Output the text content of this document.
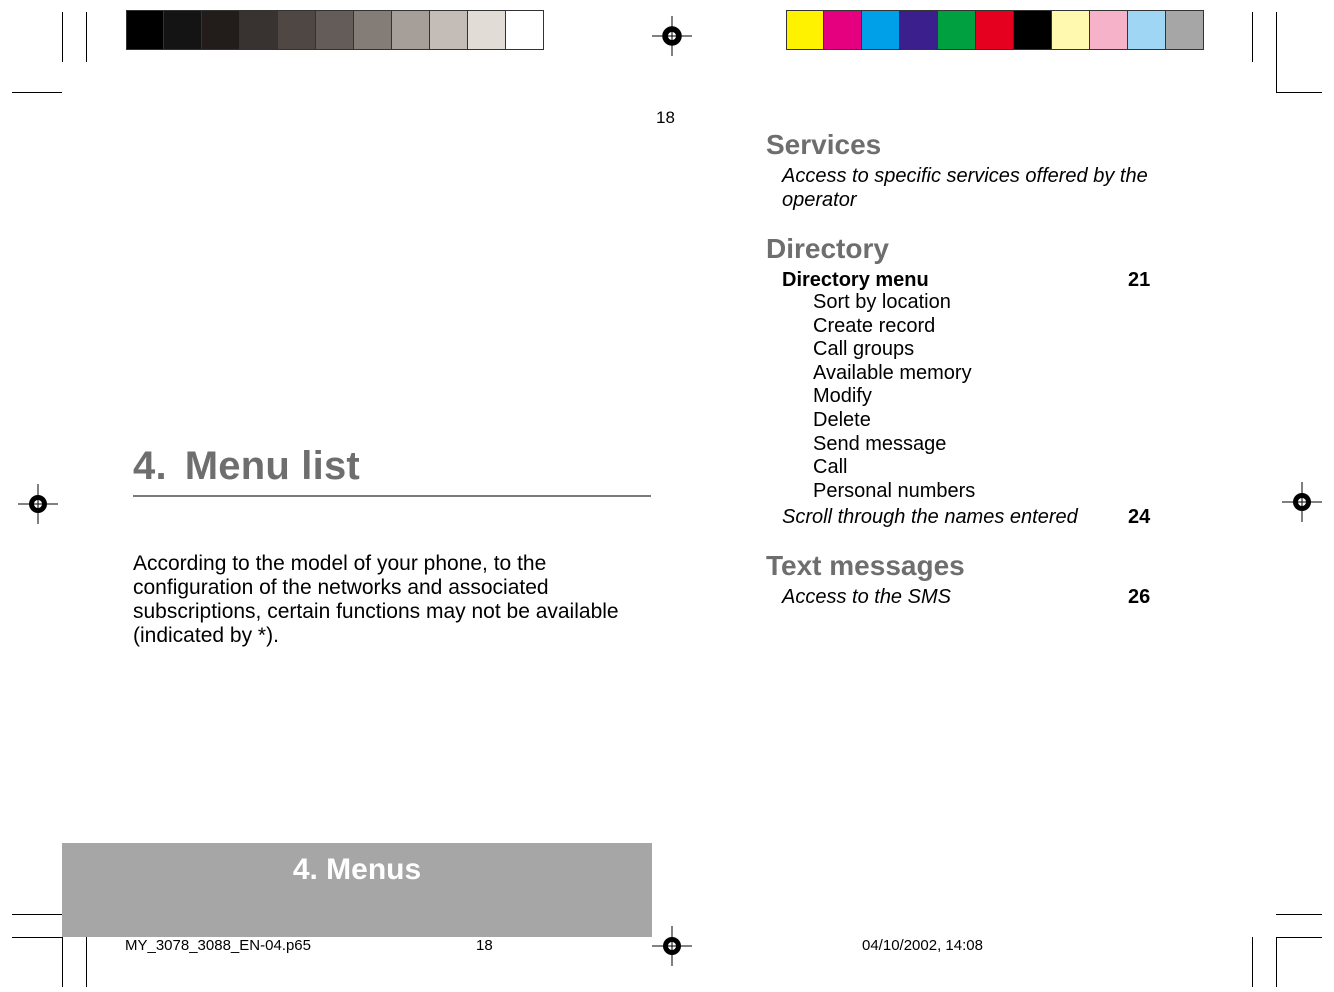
18
4. Menu list

According to the model of your phone, to the configuration of the networks and associated subscriptions, certain functions may not be available (indicated by *).

4. Menus
Services
Access to specific services offered by the
operator
Directory
Directory menu	21
Sort by location
Create record
Call groups
Available memory
Modify
Delete
Send message
Call
Personal numbers
Scroll through the names entered	24
Text messages
Access to the SMS	26
MY_3078_3088_EN-04.p65	18	04/10/2002, 14:08
